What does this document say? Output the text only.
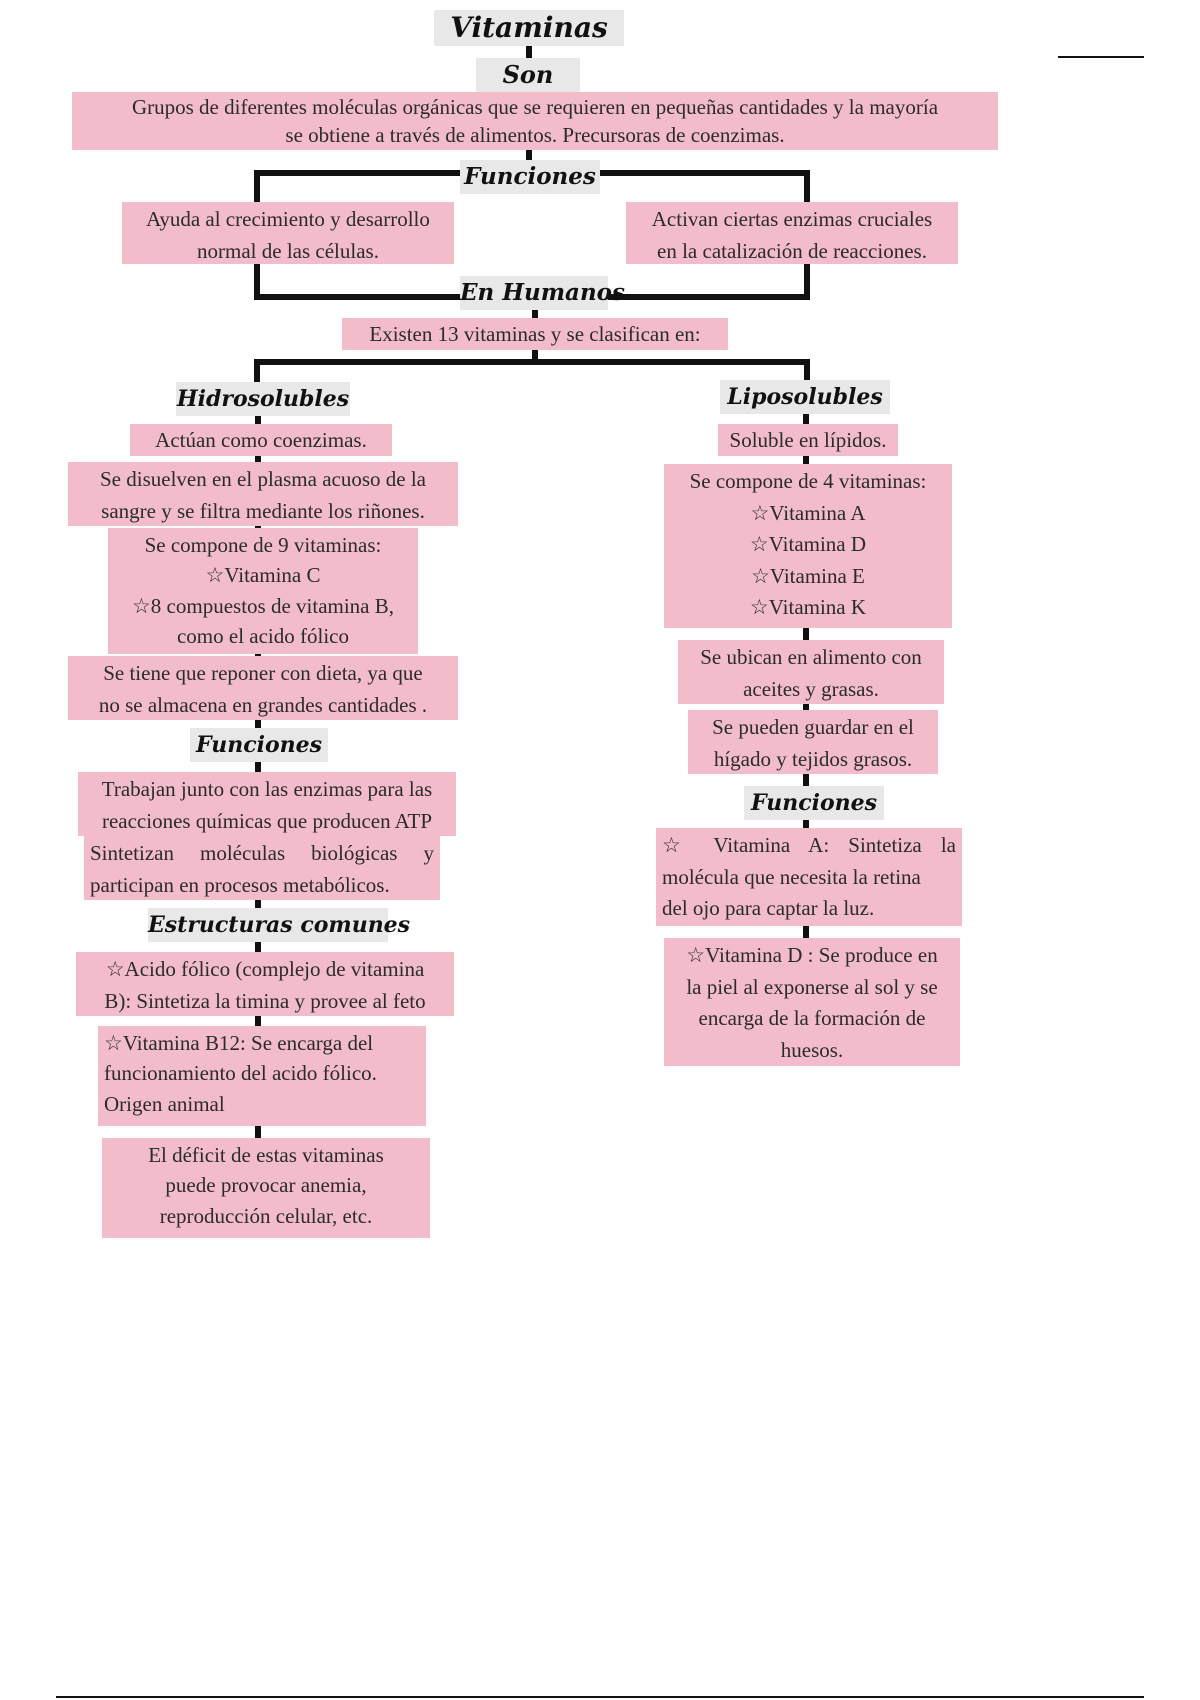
Vitaminas
Son
Grupos de diferentes moléculas orgánicas que se requieren en pequeñas cantidades y la mayoría
se obtiene a través de alimentos. Precursoras de coenzimas.
Funciones
Ayuda al crecimiento y desarrollo
normal de las células.
Activan ciertas enzimas cruciales
en la catalización de reacciones.
En Humanos
Existen 13 vitaminas y se clasifican en:
Hidrosolubles
Actúan como coenzimas.
Se disuelven en el plasma acuoso de la
sangre y se filtra mediante los riñones.
Se compone de 9 vitaminas:
☆Vitamina C
☆8 compuestos de vitamina B,
como el acido fólico
Se tiene que reponer con dieta, ya que
no se almacena en grandes cantidades .
Funciones
Trabajan junto con las enzimas para las
reacciones químicas que producen ATP
Sintetizan moléculas biológicas y
participan en procesos metabólicos.
Estructuras comunes
☆Acido fólico (complejo de vitamina
B): Sintetiza la timina y provee al feto
☆Vitamina B12: Se encarga del
funcionamiento del acido fólico.
Origen animal
El déficit de estas vitaminas
puede provocar anemia,
reproducción celular, etc.
Liposolubles
Soluble en lípidos.
Se compone de 4 vitaminas:
☆Vitamina A
☆Vitamina D
☆Vitamina E
☆Vitamina K
Se ubican en alimento con
aceites y grasas.
Se pueden guardar en el
hígado y tejidos grasos.
Funciones
☆ Vitamina A: Sintetiza la
molécula que necesita la retina
del ojo para captar la luz.
☆Vitamina D : Se produce en
la piel al exponerse al sol y se
encarga de la formación de
huesos.
